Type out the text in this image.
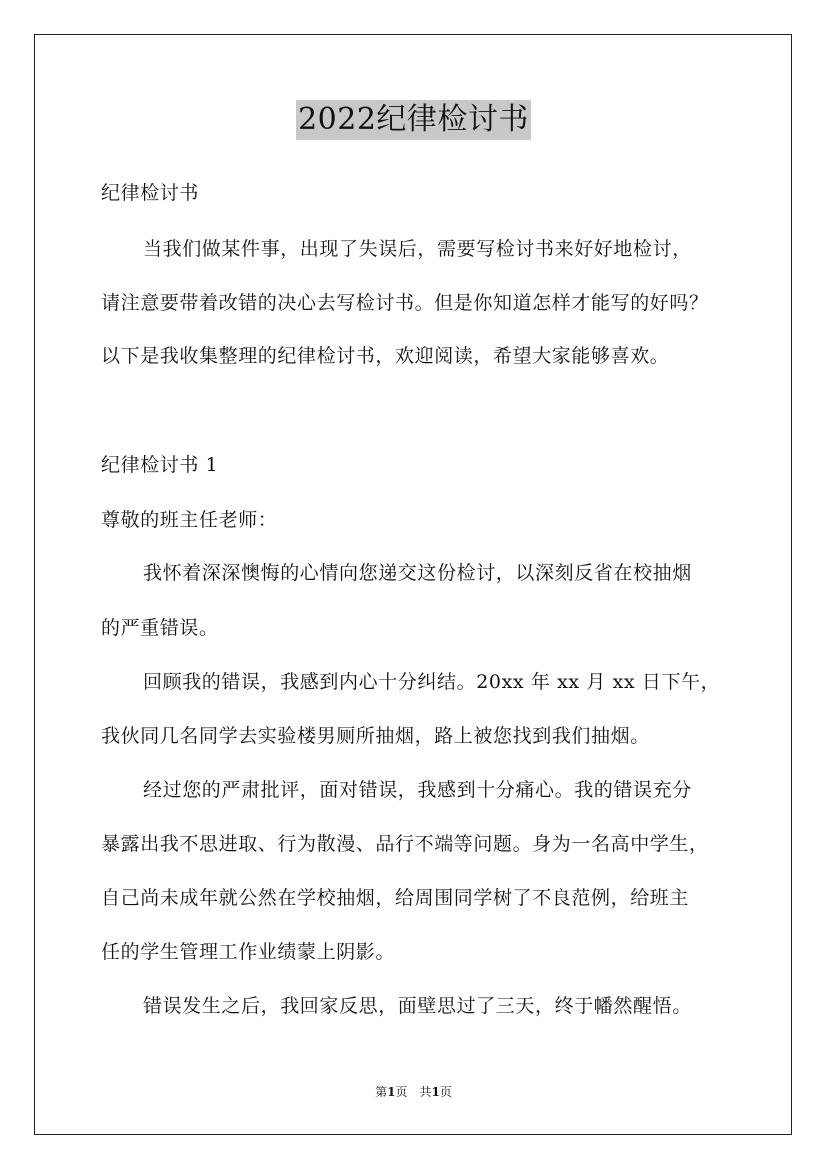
2022纪律检讨书
纪律检讨书
当我们做某件事，出现了失误后，需要写检讨书来好好地检讨，
请注意要带着改错的决心去写检讨书。但是你知道怎样才能写的好吗？
以下是我收集整理的纪律检讨书，欢迎阅读，希望大家能够喜欢。
纪律检讨书 1
尊敬的班主任老师：
我怀着深深懊悔的心情向您递交这份检讨，以深刻反省在校抽烟
的严重错误。
回顾我的错误，我感到内心十分纠结。20xx 年 xx 月 xx 日下午，
我伙同几名同学去实验楼男厕所抽烟，路上被您找到我们抽烟。
经过您的严肃批评，面对错误，我感到十分痛心。我的错误充分
暴露出我不思进取、行为散漫、品行不端等问题。身为一名高中学生，
自己尚未成年就公然在学校抽烟，给周围同学树了不良范例，给班主
任的学生管理工作业绩蒙上阴影。
错误发生之后，我回家反思，面壁思过了三天，终于幡然醒悟。
第1页　共1页
